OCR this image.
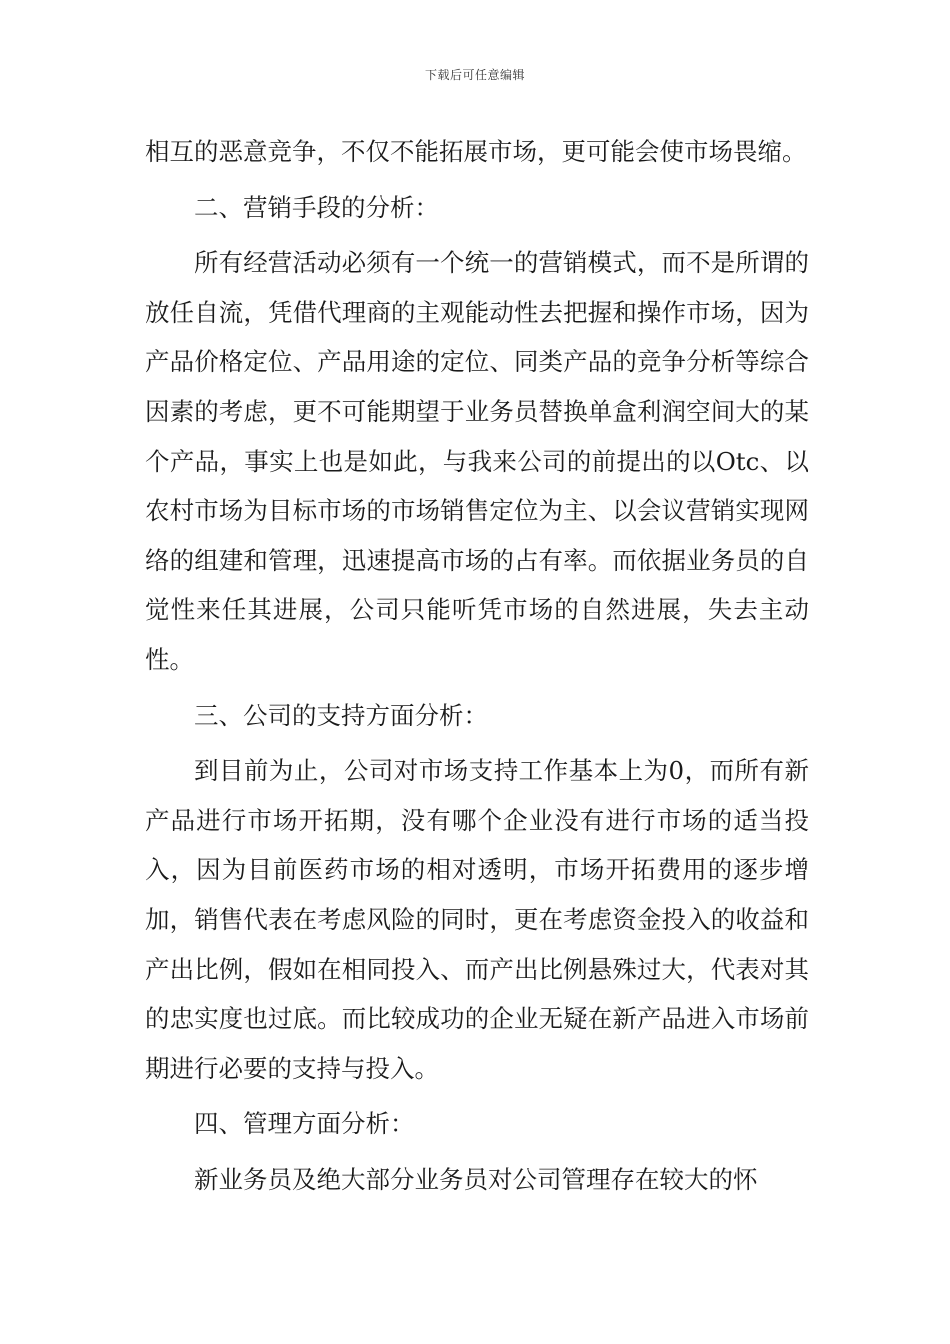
下载后可任意编辑

相互的恶意竞争，不仅不能拓展市场，更可能会使市场畏缩。

二、营销手段的分析：

所有经营活动必须有一个统一的营销模式，而不是所谓的放任自流，凭借代理商的主观能动性去把握和操作市场，因为产品价格定位、产品用途的定位、同类产品的竞争分析等综合因素的考虑，更不可能期望于业务员替换单盒利润空间大的某个产品，事实上也是如此，与我来公司的前提出的以Otc、以农村市场为目标市场的市场销售定位为主、以会议营销实现网络的组建和管理，迅速提高市场的占有率。而依据业务员的自觉性来任其进展，公司只能听凭市场的自然进展，失去主动性。

三、公司的支持方面分析：

到目前为止，公司对市场支持工作基本上为0，而所有新产品进行市场开拓期，没有哪个企业没有进行市场的适当投入，因为目前医药市场的相对透明，市场开拓费用的逐步增加，销售代表在考虑风险的同时，更在考虑资金投入的收益和产出比例，假如在相同投入、而产出比例悬殊过大，代表对其的忠实度也过底。而比较成功的企业无疑在新产品进入市场前期进行必要的支持与投入。

四、管理方面分析：

新业务员及绝大部分业务员对公司管理存在较大的怀
